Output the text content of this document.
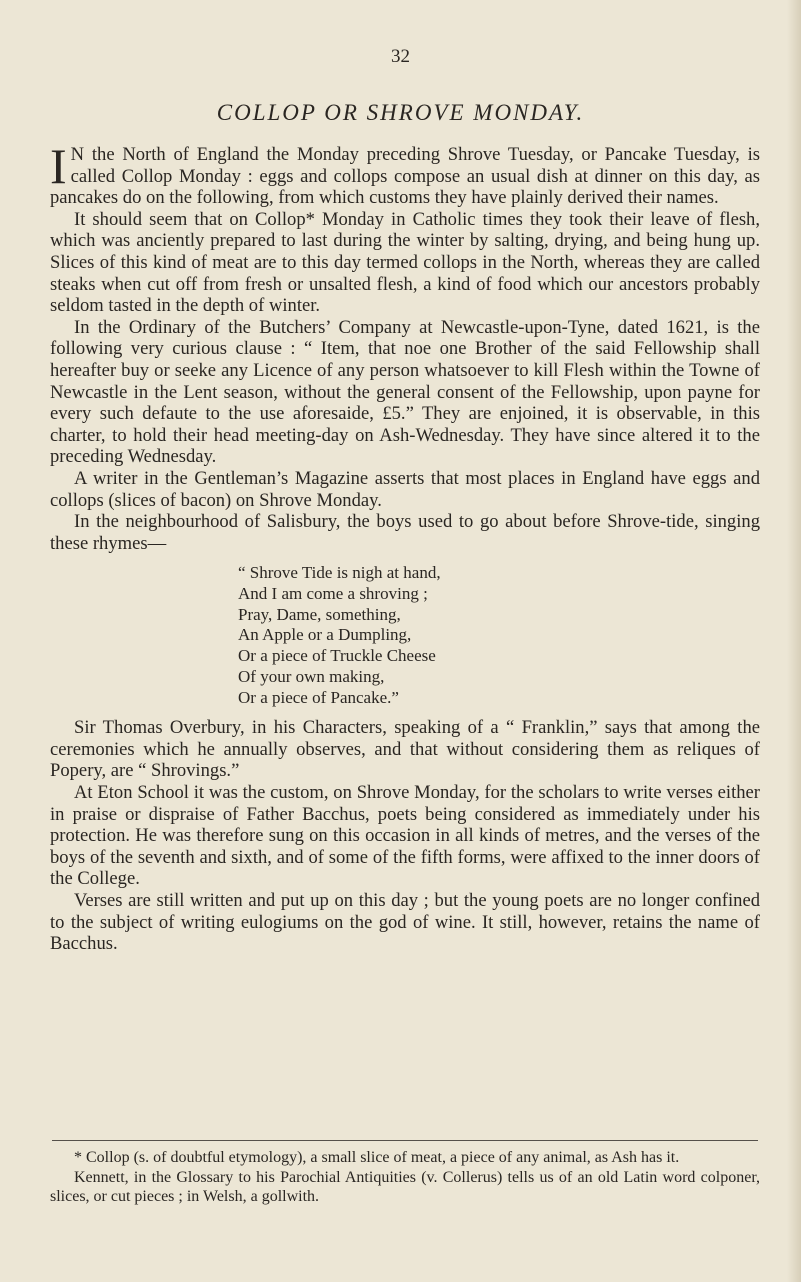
32
COLLOP OR SHROVE MONDAY.

I N the North of England the Monday preceding Shrove Tuesday, or Pancake Tuesday, is called Collop Monday : eggs and collops compose an usual dish at dinner on this day, as pancakes do on the following, from which customs they have plainly derived their names.

It should seem that on Collop* Monday in Catholic times they took their leave of flesh, which was anciently prepared to last during the winter by salting, drying, and being hung up. Slices of this kind of meat are to this day termed collops in the North, whereas they are called steaks when cut off from fresh or unsalted flesh, a kind of food which our ancestors probably seldom tasted in the depth of winter.

In the Ordinary of the Butchers’ Company at Newcastle-upon-Tyne, dated 1621, is the following very curious clause : “ Item, that noe one Brother of the said Fellowship shall hereafter buy or seeke any Licence of any person whatsoever to kill Flesh within the Towne of Newcastle in the Lent season, without the general consent of the Fellowship, upon payne for every such defaute to the use aforesaide, £5.” They are enjoined, it is observable, in this charter, to hold their head meeting-day on Ash-Wednesday. They have since altered it to the preceding Wednesday.

A writer in the Gentleman’s Magazine asserts that most places in England have eggs and collops (slices of bacon) on Shrove Monday.

In the neighbourhood of Salisbury, the boys used to go about before Shrove-tide, singing these rhymes—

“ Shrove Tide is nigh at hand,
And I am come a shroving ;
Pray, Dame, something,
An Apple or a Dumpling,
Or a piece of Truckle Cheese
Of your own making,
Or a piece of Pancake.”

Sir Thomas Overbury, in his Characters, speaking of a “ Franklin,” says that among the ceremonies which he annually observes, and that without considering them as reliques of Popery, are “ Shrovings.”

At Eton School it was the custom, on Shrove Monday, for the scholars to write verses either in praise or dispraise of Father Bacchus, poets being considered as immediately under his protection. He was therefore sung on this occasion in all kinds of metres, and the verses of the boys of the seventh and sixth, and of some of the fifth forms, were affixed to the inner doors of the College.

Verses are still written and put up on this day ; but the young poets are no longer confined to the subject of writing eulogiums on the god of wine. It still, however, retains the name of Bacchus.

* Collop (s. of doubtful etymology), a small slice of meat, a piece of any animal, as Ash has it.

Kennett, in the Glossary to his Parochial Antiquities (v. Collerus) tells us of an old Latin word colponer, slices, or cut pieces ; in Welsh, a gollwith.
